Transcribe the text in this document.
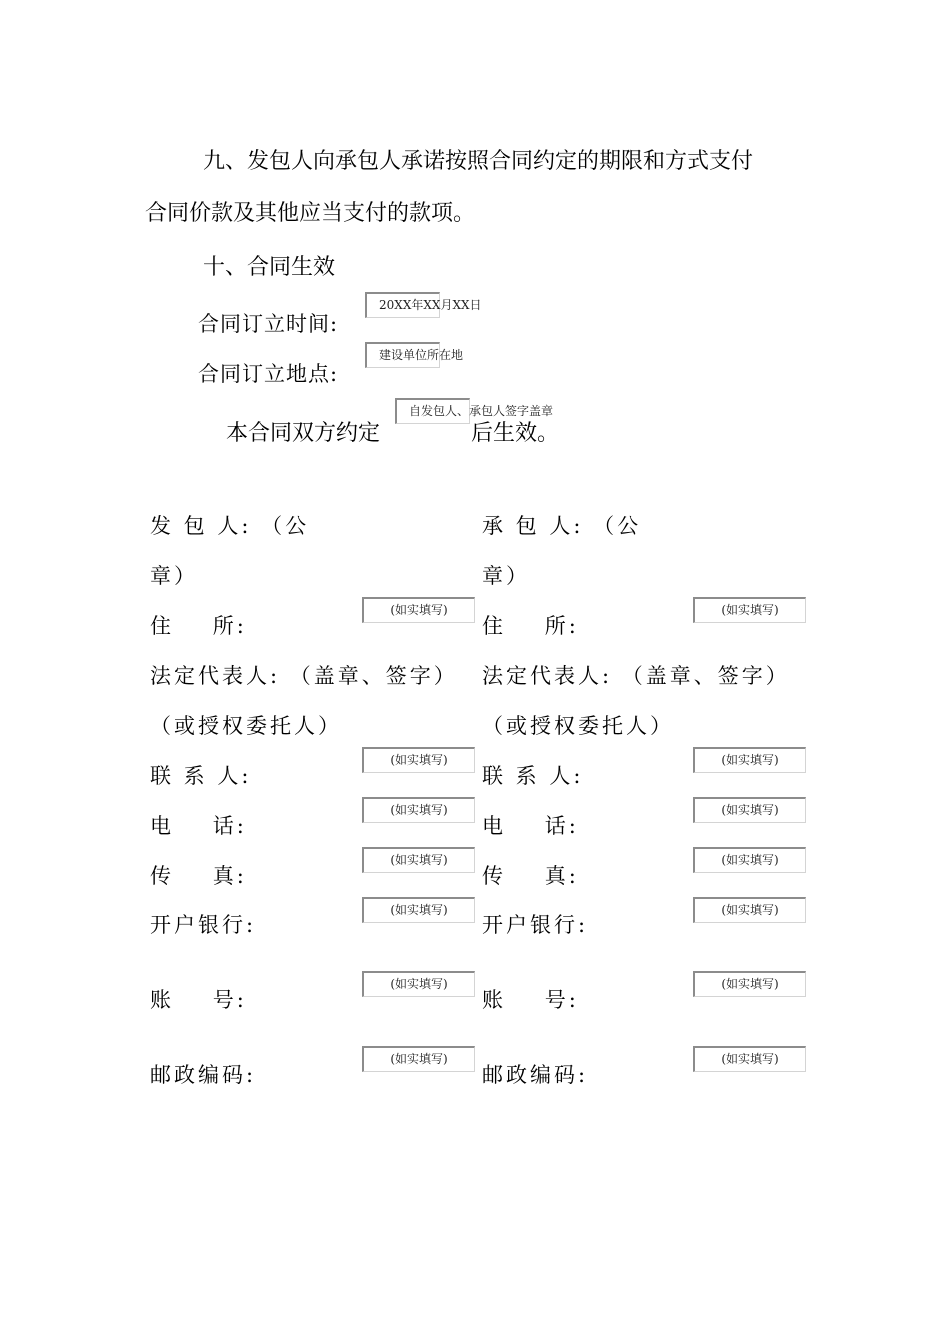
九、发包人向承包人承诺按照合同约定的期限和方式支付
合同价款及其他应当支付的款项。
十、合同生效
合同订立时间:
20XX年XX月XX日
合同订立地点:
建设单位所在地
本合同双方约定
自发包人、承包人签字盖章
后生效。
发 包 人: （公
章）
住    所:
(如实填写)
法定代表人: （盖章、签字）
（或授权委托人）
联 系 人:
(如实填写)
电    话:
(如实填写)
传    真:
(如实填写)
开户银行:
(如实填写)
账    号:
(如实填写)
邮政编码:
(如实填写)
承 包 人: （公
章）
住    所:
(如实填写)
法定代表人: （盖章、签字）
（或授权委托人）
联 系 人:
(如实填写)
电    话:
(如实填写)
传    真:
(如实填写)
开户银行:
(如实填写)
账    号:
(如实填写)
邮政编码:
(如实填写)
